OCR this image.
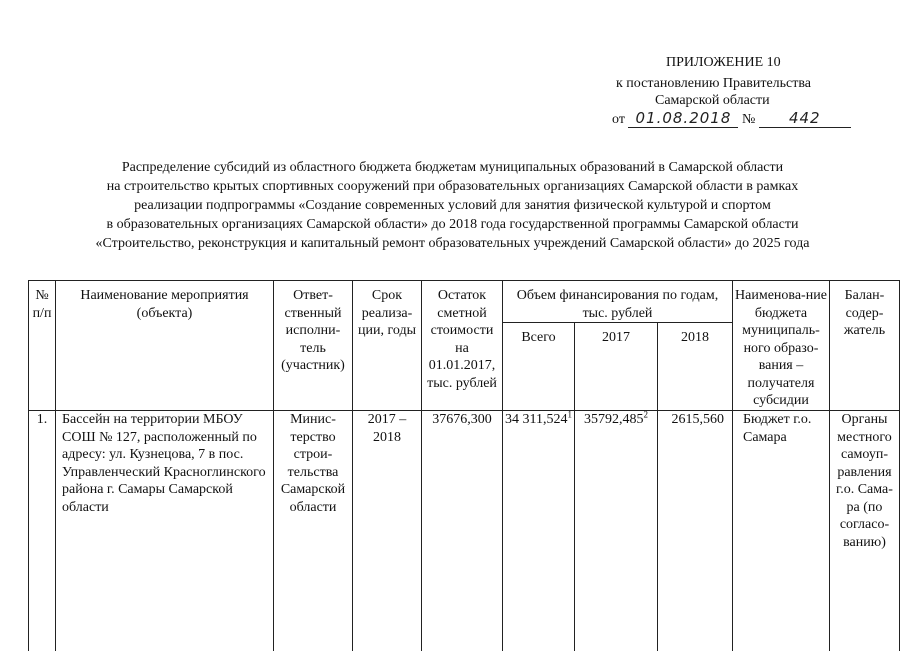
ПРИЛОЖЕНИЕ 10
к постановлению Правительства
Самарской области
от 01.08.2018 № 442
Распределение субсидий из областного бюджета бюджетам муниципальных образований в Самарской области
на строительство крытых спортивных сооружений при образовательных организациях Самарской области в рамках
реализации подпрограммы «Создание современных условий для занятия физической культурой и спортом
в образовательных организациях Самарской области» до 2018 года государственной программы Самарской области
«Строительство, реконструкция и капитальный ремонт образовательных учреждений Самарской области» до 2025 года
№ п/п	Наименование мероприятия (объекта)	Ответ-ственный исполни-тель (участник)	Срок реализа-ции, годы	Остаток сметной стоимости на 01.01.2017, тыс. рублей	Объем финансирования по годам, тыс. рублей			Наименова-ние бюджета муниципаль-ного образо-вания – получателя субсидии	Балан-содер-жатель
					Всего	2017	2018		
1.	Бассейн на территории МБОУ СОШ № 127, расположенный по адресу: ул. Кузнецова, 7 в пос. Управленческий Красноглинского района г. Самары Самарской области	Минис-терство строи-тельства Самарской области	2017 – 2018	37676,300	34 311,524$^1$	35792,485$^2$	2615,560	Бюджет г.о. Самара	Органы местного самоуп-равления г.о. Сама-ра (по согласо-ванию)
